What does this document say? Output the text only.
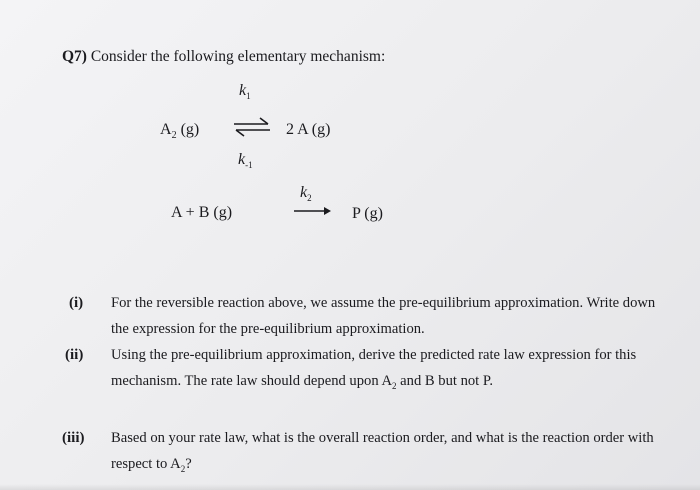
Q7) Consider the following elementary mechanism:
$k_1$
$A_2$ (g) ⇌ 2 A (g)
$k_{-1}$
$k_2$
A + B (g)	P (g)
(i) For the reversible reaction above, we assume the pre-equilibrium approximation. Write down the expression for the pre-equilibrium approximation.
(ii) Using the pre-equilibrium approximation, derive the predicted rate law expression for this mechanism. The rate law should depend upon $A_2$ and B but not P.
(iii) Based on your rate law, what is the overall reaction order, and what is the reaction order with respect to $A_2$?
